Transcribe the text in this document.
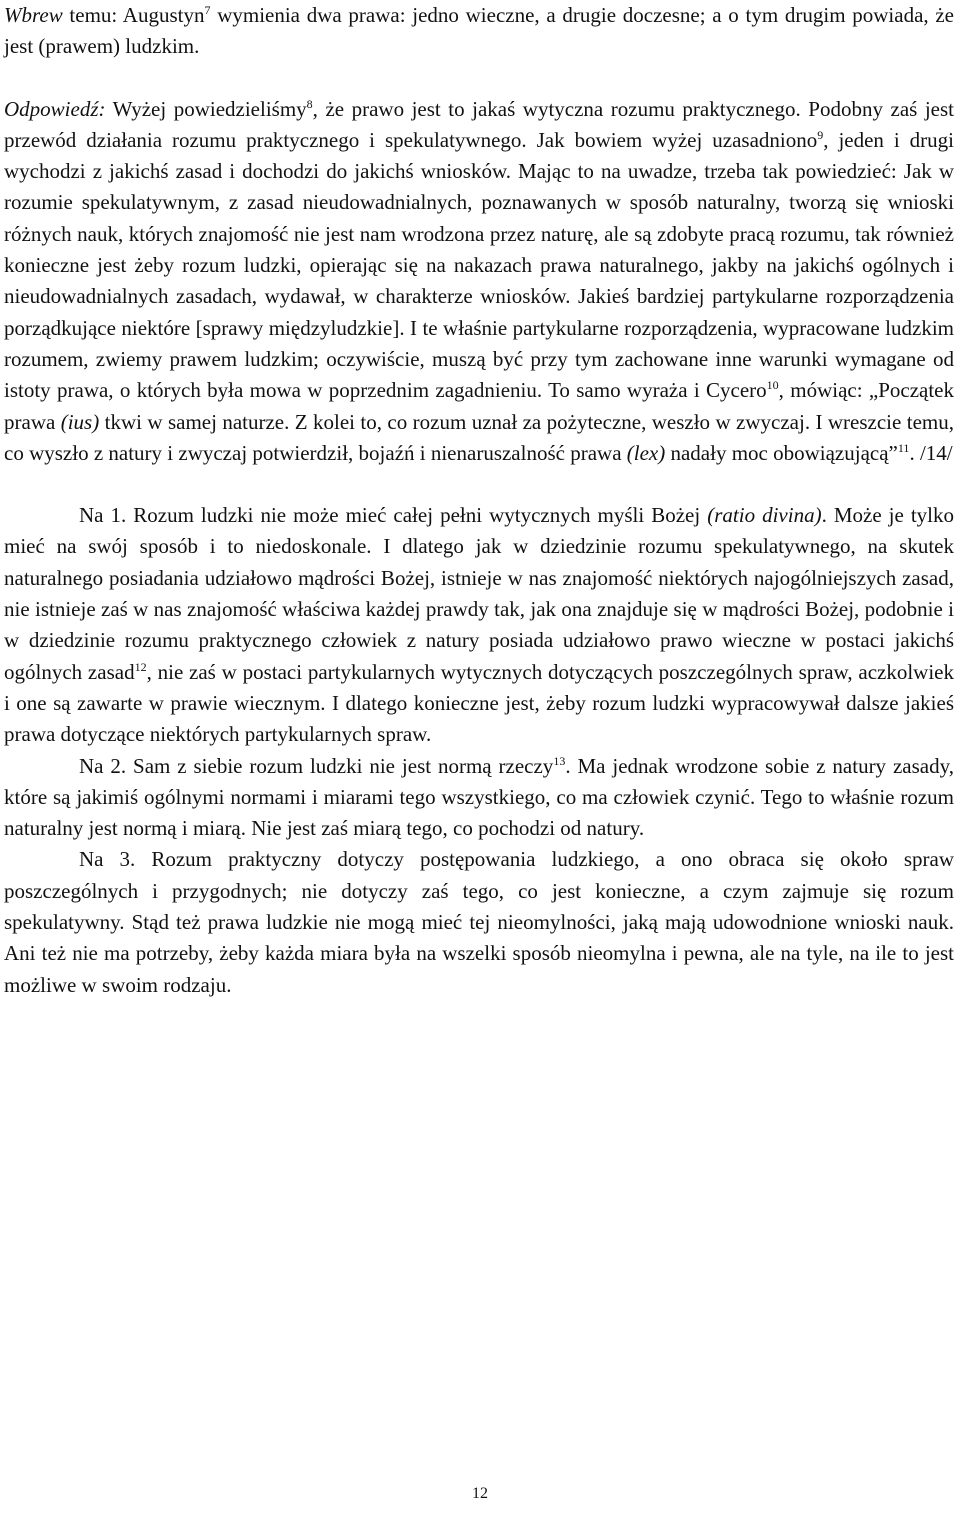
Wbrew temu: Augustyn$^7$ wymienia dwa prawa: jedno wieczne, a drugie doczesne; a o tym drugim powiada, że jest (prawem) ludzkim.

Odpowiedź: Wyżej powiedzieliśmy$^8$, że prawo jest to jakaś wytyczna rozumu praktycznego. Podobny zaś jest przewód działania rozumu praktycznego i spekulatywnego. Jak bowiem wyżej uzasadniono$^9$, jeden i drugi wychodzi z jakichś zasad i dochodzi do jakichś wniosków. Mając to na uwadze, trzeba tak powiedzieć: Jak w rozumie spekulatywnym, z zasad nieudowadnialnych, poznawanych w sposób naturalny, tworzą się wnioski różnych nauk, których znajomość nie jest nam wrodzona przez naturę, ale są zdobyte pracą rozumu, tak również konieczne jest żeby rozum ludzki, opierając się na nakazach prawa naturalnego, jakby na jakichś ogólnych i nieudowadnialnych zasadach, wydawał, w charakterze wniosków. Jakieś bardziej partykularne rozporządzenia porządkujące niektóre [sprawy międzyludzkie]. I te właśnie partykularne rozporządzenia, wypracowane ludzkim rozumem, zwiemy prawem ludzkim; oczywiście, muszą być przy tym zachowane inne warunki wymagane od istoty prawa, o których była mowa w poprzednim zagadnieniu. To samo wyraża i Cycero$^{10}$, mówiąc: „Początek prawa (ius) tkwi w samej naturze. Z kolei to, co rozum uznał za pożyteczne, weszło w zwyczaj. I wreszcie temu, co wyszło z natury i zwyczaj potwierdził, bojaźń i nienaruszalność prawa (lex) nadały moc obowiązującą”$^{11}$. /14/

Na 1. Rozum ludzki nie może mieć całej pełni wytycznych myśli Bożej (ratio divina). Może je tylko mieć na swój sposób i to niedoskonale. I dlatego jak w dziedzinie rozumu spekulatywnego, na skutek naturalnego posiadania udziałowo mądrości Bożej, istnieje w nas znajomość niektórych najogólniejszych zasad, nie istnieje zaś w nas znajomość właściwa każdej prawdy tak, jak ona znajduje się w mądrości Bożej, podobnie i w dziedzinie rozumu praktycznego człowiek z natury posiada udziałowo prawo wieczne w postaci jakichś ogólnych zasad$^{12}$, nie zaś w postaci partykularnych wytycznych dotyczących poszczególnych spraw, aczkolwiek i one są zawarte w prawie wiecznym. I dlatego konieczne jest, żeby rozum ludzki wypracowywał dalsze jakieś prawa dotyczące niektórych partykularnych spraw.

Na 2. Sam z siebie rozum ludzki nie jest normą rzeczy$^{13}$. Ma jednak wrodzone sobie z natury zasady, które są jakimiś ogólnymi normami i miarami tego wszystkiego, co ma człowiek czynić. Tego to właśnie rozum naturalny jest normą i miarą. Nie jest zaś miarą tego, co pochodzi od natury.

Na 3. Rozum praktyczny dotyczy postępowania ludzkiego, a ono obraca się około spraw poszczególnych i przygodnych; nie dotyczy zaś tego, co jest konieczne, a czym zajmuje się rozum spekulatywny. Stąd też prawa ludzkie nie mogą mieć tej nieomylności, jaką mają udowodnione wnioski nauk. Ani też nie ma potrzeby, żeby każda miara była na wszelki sposób nieomylna i pewna, ale na tyle, na ile to jest możliwe w swoim rodzaju.

12
